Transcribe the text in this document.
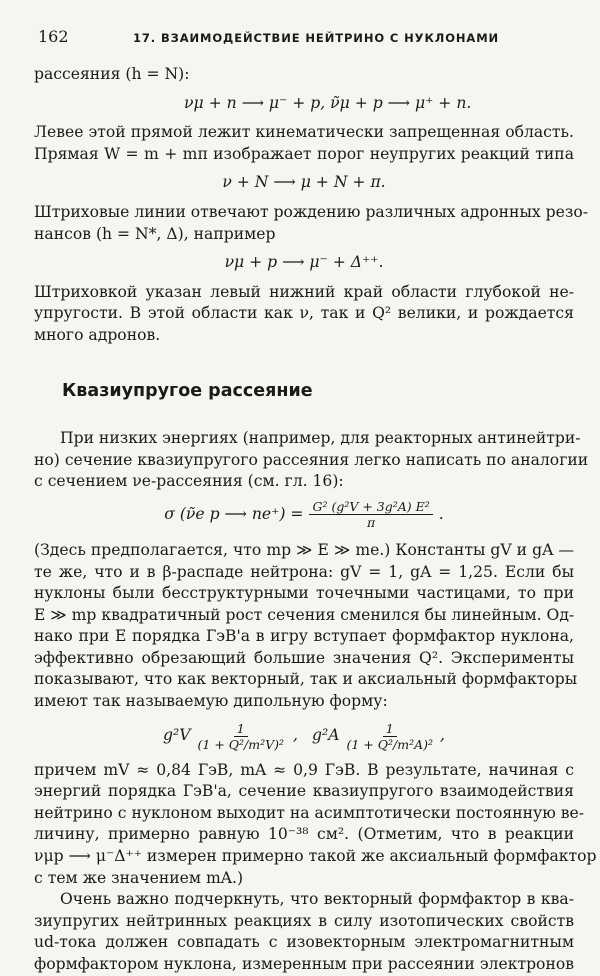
162	17. ВЗАИМОДЕЙСТВИЕ НЕЙТРИНО С НУКЛОНАМИ

рассеяния (h = N):

νμ + n ⟶ μ⁻ + p, ν̃μ + p ⟶ μ⁺ + n.

Левее этой прямой лежит кинематически запрещенная область.
Прямая W = m + mπ изображает порог неупругих реакций типа

ν + N ⟶ μ + N + π.

Штриховые линии отвечают рождению различных адронных резо-
нансов (h = N*, Δ), например

νμ + p ⟶ μ⁻ + Δ⁺⁺.

Штриховкой указан левый нижний край области глубокой не-
упругости. В этой области как ν, так и Q² велики, и рождается
много адронов.

Квазиупругое рассеяние

При низких энергиях (например, для реакторных антинейтри-
но) сечение квазиупругого рассеяния легко написать по аналогии
с сечением νe-рассеяния (см. гл. 16):

σ (ν̃e p ⟶ $ne^+) = \frac{\text{G² (g²V + 3g²A) E²}}{\pi}$ .

(Здесь предполагается, что mp ≫ E ≫ me.) Константы gV и gA —
те же, что и в β-распаде нейтрона: gV = 1, gA = 1,25. Если бы
нуклоны были бесструктурными точечными частицами, то при
E ≫ mp квадратичный рост сечения сменился бы линейным. Од-
нако при E порядка ГэВ'а в игру вступает формфактор нуклона,
эффективно обрезающий большие значения Q². Эксперименты
показывают, что как векторный, так и аксиальный формфакторы
имеют так называемую дипольную форму:

$g^2V \frac{1}{\text{(1 + Q²/m²V)²}}$ , $g^2A \frac{1}{\text{(1 + Q²/m²A)²}}$ ,

причем mV ≈ 0,84 ГэВ, mA ≈ 0,9 ГэВ. В результате, начиная с
энергий порядка ГэВ'а, сечение квазиупругого взаимодействия
нейтрино с нуклоном выходит на асимптотически постоянную ве-
личину, примерно равную 10⁻³⁸ см². (Отметим, что в реакции
νμp ⟶ μ⁻Δ⁺⁺ измерен примерно такой же аксиальный формфактор
с тем же значением mA.)

Очень важно подчеркнуть, что векторный формфактор в ква-
зиупругих нейтринных реакциях в силу изотопических свойств
ud-тока должен совпадать с изовекторным электромагнитным
формфактором нуклона, измеренным при рассеянии электронов
